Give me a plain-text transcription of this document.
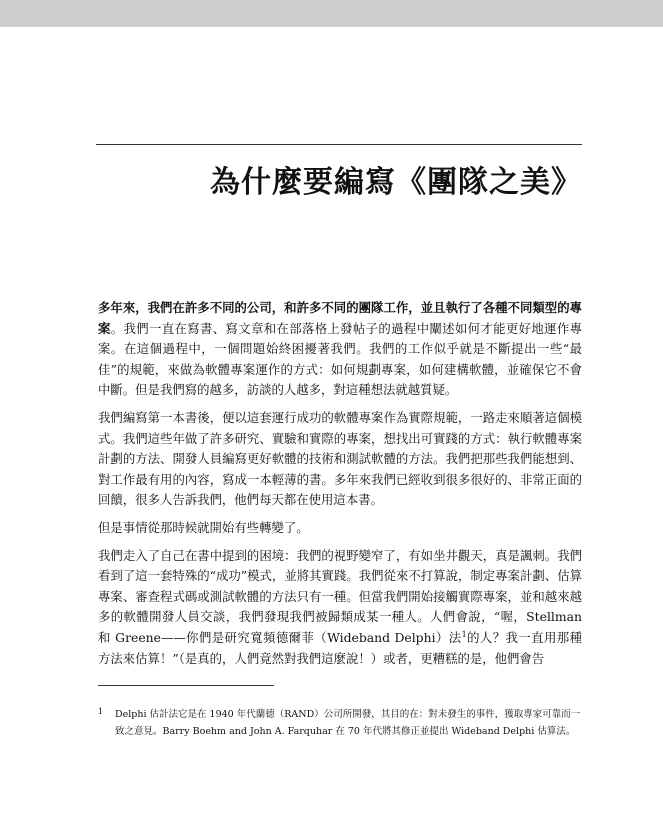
為什麼要編寫《團隊之美》

多年來，我們在許多不同的公司，和許多不同的團隊工作，並且執行了各種不同類型的專案。我們一直在寫書、寫文章和在部落格上發帖子的過程中闡述如何才能更好地運作專案。在這個過程中，一個問題始終困擾著我們。我們的工作似乎就是不斷提出一些“最佳”的規範，來做為軟體專案運作的方式：如何規劃專案，如何建構軟體，並確保它不會中斷。但是我們寫的越多，訪談的人越多，對這種想法就越質疑。

我們編寫第一本書後，便以這套運行成功的軟體專案作為實際規範，一路走來順著這個模式。我們這些年做了許多研究、實驗和實際的專案，想找出可實踐的方式：執行軟體專案計劃的方法、開發人員編寫更好軟體的技術和測試軟體的方法。我們把那些我們能想到、對工作最有用的內容，寫成一本輕薄的書。多年來我們已經收到很多很好的、非常正面的回饋，很多人告訴我們，他們每天都在使用這本書。

但是事情從那時候就開始有些轉變了。

我們走入了自己在書中提到的困境：我們的視野變窄了，有如坐井觀天，真是諷刺。我們看到了這一套特殊的“成功”模式，並將其實踐。我們從來不打算說，制定專案計劃、估算專案、審查程式碼或測試軟體的方法只有一種。但當我們開始接觸實際專案，並和越來越多的軟體開發人員交談，我們發現我們被歸類成某一種人。人們會說，“喔，Stellman 和 Greene——你們是研究寬頻德爾菲（Wideband Delphi）法$^1$的人？我一直用那種方法來估算！”（是真的，人們竟然對我們這麼說！）或者，更糟糕的是，他們會告

1 Delphi 估計法它是在 1940 年代蘭德（RAND）公司所開發，其目的在：對未發生的事件，獲取專家可靠而一致之意見。Barry Boehm and John A. Farquhar 在 70 年代將其修正並提出 Wideband Delphi 估算法。
